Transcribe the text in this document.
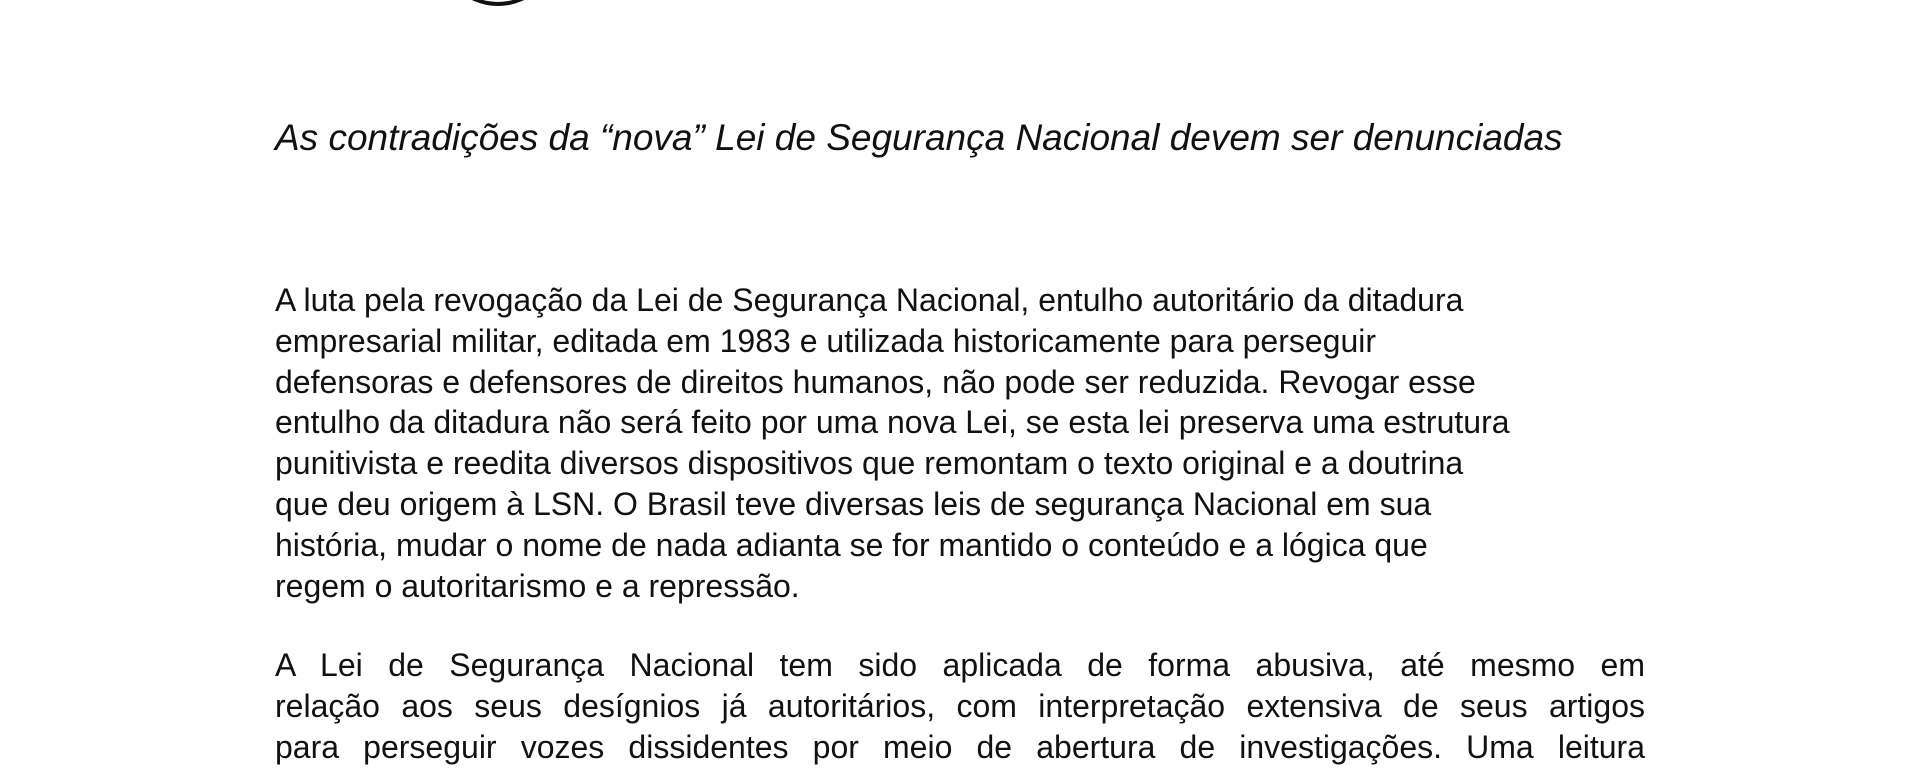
As contradições da “nova” Lei de Segurança Nacional devem ser denunciadas
A luta pela revogação da Lei de Segurança Nacional, entulho autoritário da ditadura
empresarial militar, editada em 1983 e utilizada historicamente para perseguir
defensoras e defensores de direitos humanos, não pode ser reduzida. Revogar esse
entulho da ditadura não será feito por uma nova Lei, se esta lei preserva uma estrutura
punitivista e reedita diversos dispositivos que remontam o texto original e a doutrina
que deu origem à LSN. O Brasil teve diversas leis de segurança Nacional em sua
história, mudar o nome de nada adianta se for mantido o conteúdo e a lógica que
regem o autoritarismo e a repressão.
A Lei de Segurança Nacional tem sido aplicada de forma abusiva, até mesmo em
relação aos seus desígnios já autoritários, com interpretação extensiva de seus artigos
para perseguir vozes dissidentes por meio de abertura de investigações. Uma leitura
